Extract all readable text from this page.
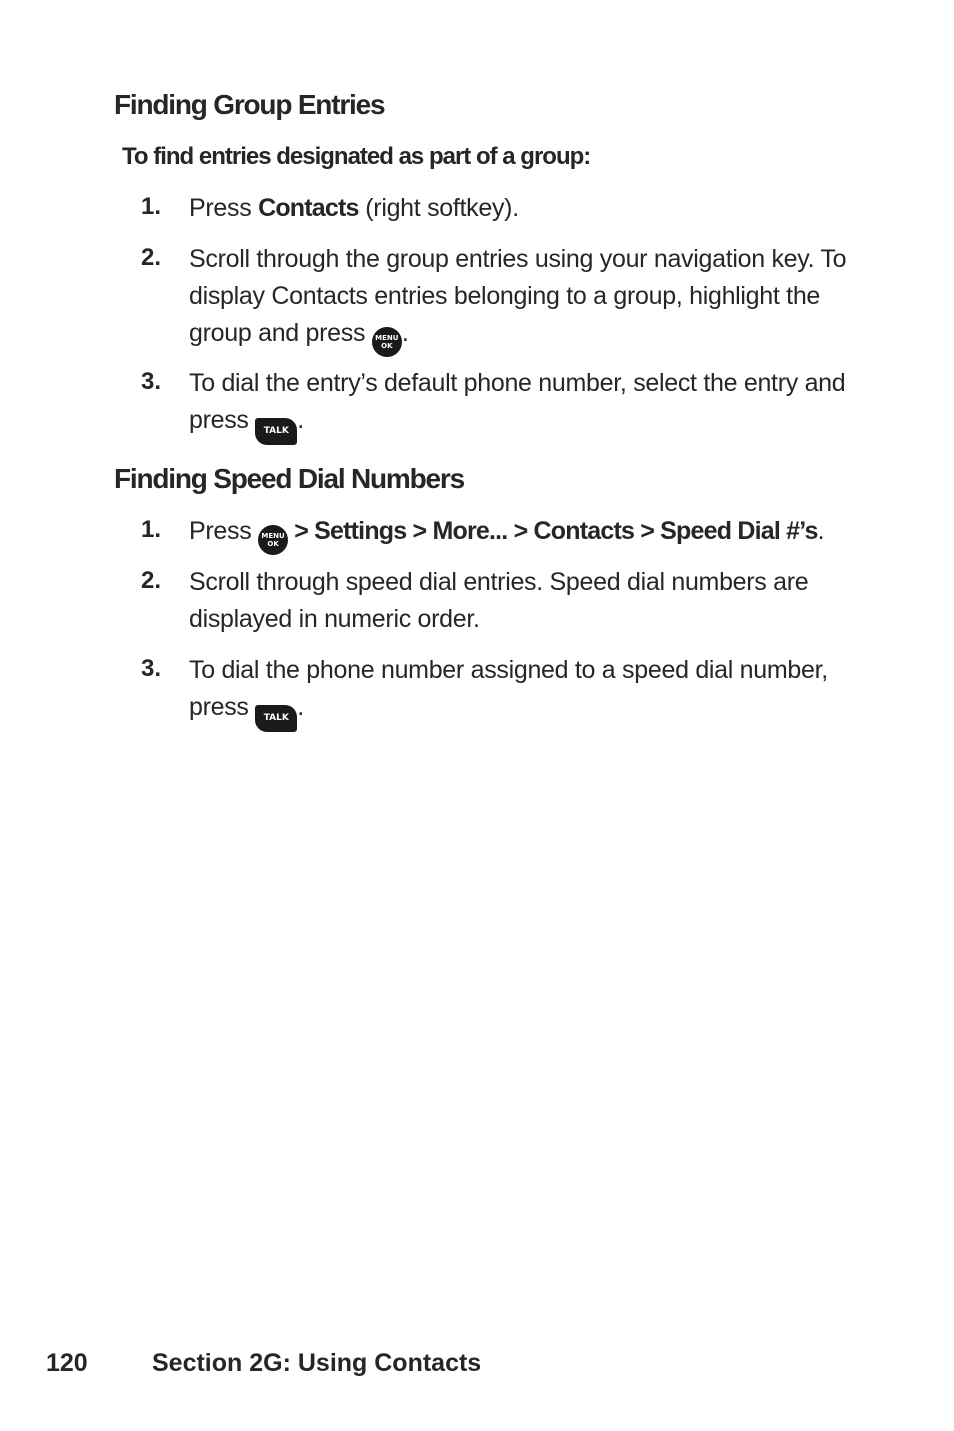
Finding Group Entries

To find entries designated as part of a group:

1.	Press Contacts (right softkey).
2.	Scroll through the group entries using your navigation key. To display Contacts entries belonging to a group, highlight the group and press MENU
OK .
3.	To dial the entry’s default phone number, select the entry and press TALK .
Finding Speed Dial Numbers
1.	Press MENU
OK > Settings > More... > Contacts > Speed Dial #’s.
2.	Scroll through speed dial entries. Speed dial numbers are displayed in numeric order.
3.	To dial the phone number assigned to a speed dial number, press TALK .
120	Section 2G: Using Contacts
